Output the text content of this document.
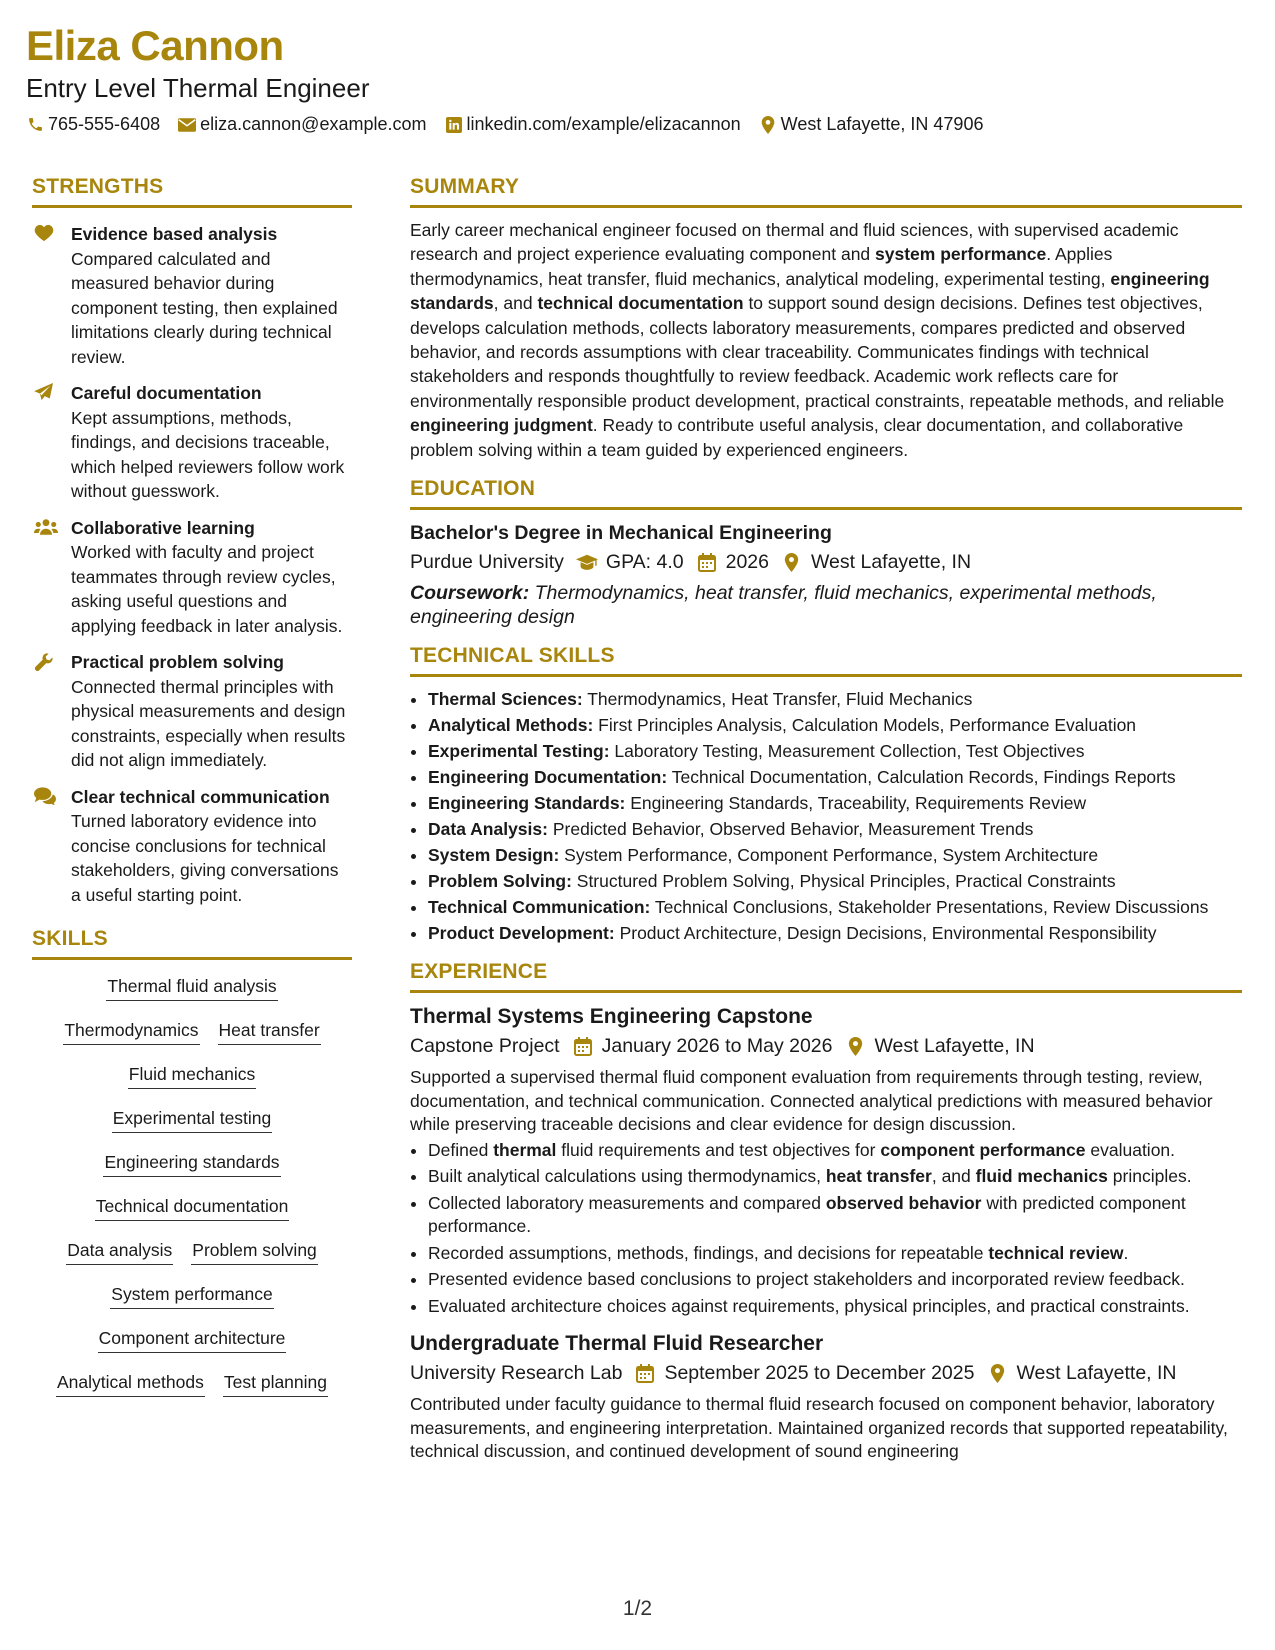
Eliza Cannon
Entry Level Thermal Engineer
765-555-6408 eliza.cannon@example.com linkedin.com/example/elizacannon West Lafayette, IN 47906
STRENGTHS
Evidence based analysis
Compared calculated and measured behavior during component testing, then explained limitations clearly during technical review.
Careful documentation
Kept assumptions, methods, findings, and decisions traceable, which helped reviewers follow work without guesswork.
Collaborative learning
Worked with faculty and project teammates through review cycles, asking useful questions and applying feedback in later analysis.
Practical problem solving
Connected thermal principles with physical measurements and design constraints, especially when results did not align immediately.
Clear technical communication
Turned laboratory evidence into concise conclusions for technical stakeholders, giving conversations a useful starting point.
SKILLS
Thermal fluid analysis
Thermodynamics Heat transfer
Fluid mechanics
Experimental testing
Engineering standards
Technical documentation
Data analysis Problem solving
System performance
Component architecture
Analytical methods Test planning
SUMMARY
Early career mechanical engineer focused on thermal and fluid sciences, with supervised academic research and project experience evaluating component and system performance. Applies thermodynamics, heat transfer, fluid mechanics, analytical modeling, experimental testing, engineering standards, and technical documentation to support sound design decisions. Defines test objectives, develops calculation methods, collects laboratory measurements, compares predicted and observed behavior, and records assumptions with clear traceability. Communicates findings with technical stakeholders and responds thoughtfully to review feedback. Academic work reflects care for environmentally responsible product development, practical constraints, repeatable methods, and reliable engineering judgment. Ready to contribute useful analysis, clear documentation, and collaborative problem solving within a team guided by experienced engineers.
EDUCATION
Bachelor's Degree in Mechanical Engineering
Purdue University GPA: 4.0 2026 West Lafayette, IN
Coursework: Thermodynamics, heat transfer, fluid mechanics, experimental methods, engineering design
TECHNICAL SKILLS
• Thermal Sciences: Thermodynamics, Heat Transfer, Fluid Mechanics
• Analytical Methods: First Principles Analysis, Calculation Models, Performance Evaluation
• Experimental Testing: Laboratory Testing, Measurement Collection, Test Objectives
• Engineering Documentation: Technical Documentation, Calculation Records, Findings Reports
• Engineering Standards: Engineering Standards, Traceability, Requirements Review
• Data Analysis: Predicted Behavior, Observed Behavior, Measurement Trends
• System Design: System Performance, Component Performance, System Architecture
• Problem Solving: Structured Problem Solving, Physical Principles, Practical Constraints
• Technical Communication: Technical Conclusions, Stakeholder Presentations, Review Discussions
• Product Development: Product Architecture, Design Decisions, Environmental Responsibility
EXPERIENCE
Thermal Systems Engineering Capstone
Capstone Project January 2026 to May 2026 West Lafayette, IN
Supported a supervised thermal fluid component evaluation from requirements through testing, review, documentation, and technical communication. Connected analytical predictions with measured behavior while preserving traceable decisions and clear evidence for design discussion.
• Defined thermal fluid requirements and test objectives for component performance evaluation.
• Built analytical calculations using thermodynamics, heat transfer, and fluid mechanics principles.
• Collected laboratory measurements and compared observed behavior with predicted component performance.
• Recorded assumptions, methods, findings, and decisions for repeatable technical review.
• Presented evidence based conclusions to project stakeholders and incorporated review feedback.
• Evaluated architecture choices against requirements, physical principles, and practical constraints.
Undergraduate Thermal Fluid Researcher
University Research Lab September 2025 to December 2025 West Lafayette, IN
Contributed under faculty guidance to thermal fluid research focused on component behavior, laboratory measurements, and engineering interpretation. Maintained organized records that supported repeatability, technical discussion, and continued development of sound engineering
1/2
